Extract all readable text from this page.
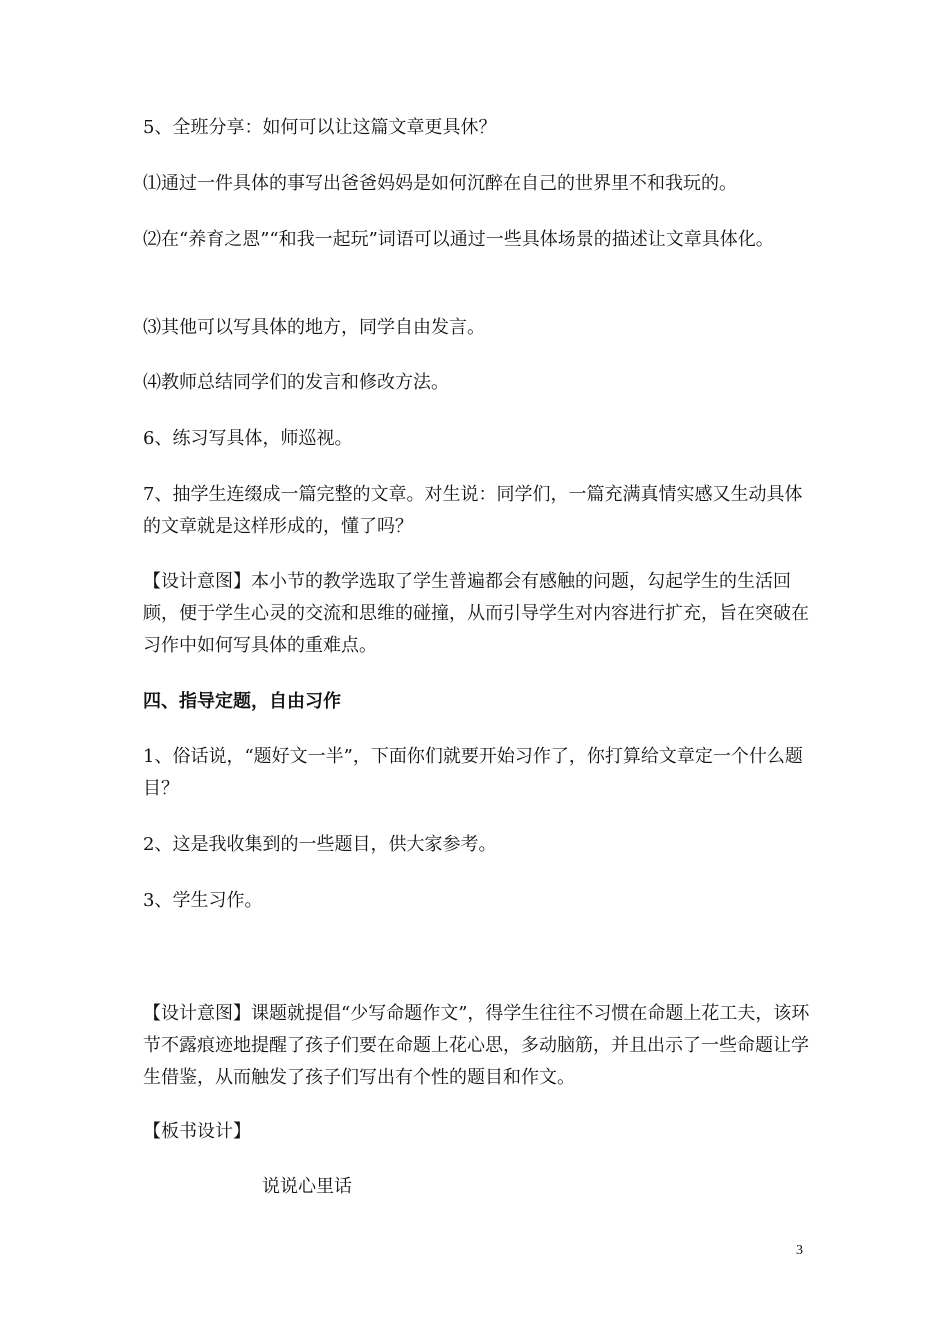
5、全班分享：如何可以让这篇文章更具休？

⑴通过一件具体的事写出爸爸妈妈是如何沉醉在自己的世界里不和我玩的。

⑵在“养育之恩”“和我一起玩”词语可以通过一些具体场景的描述让文章具体化。

⑶其他可以写具体的地方，同学自由发言。

⑷教师总结同学们的发言和修改方法。

6、练习写具体，师巡视。

7、抽学生连缀成一篇完整的文章。对生说：同学们，一篇充满真情实感又生动具体的文章就是这样形成的，懂了吗？

【设计意图】本小节的教学选取了学生普遍都会有感触的问题，勾起学生的生活回顾，便于学生心灵的交流和思维的碰撞，从而引导学生对内容进行扩充，旨在突破在习作中如何写具体的重难点。

四、指导定题，自由习作

1、俗话说，“题好文一半”，下面你们就要开始习作了，你打算给文章定一个什么题目？

2、这是我收集到的一些题目，供大家参考。

3、学生习作。

【设计意图】课题就提倡“少写命题作文”，得学生往往不习惯在命题上花工夫，该环节不露痕迹地提醒了孩子们要在命题上花心思，多动脑筋，并且出示了一些命题让学生借鉴，从而触发了孩子们写出有个性的题目和作文。

【板书设计】

说说心里话

3
